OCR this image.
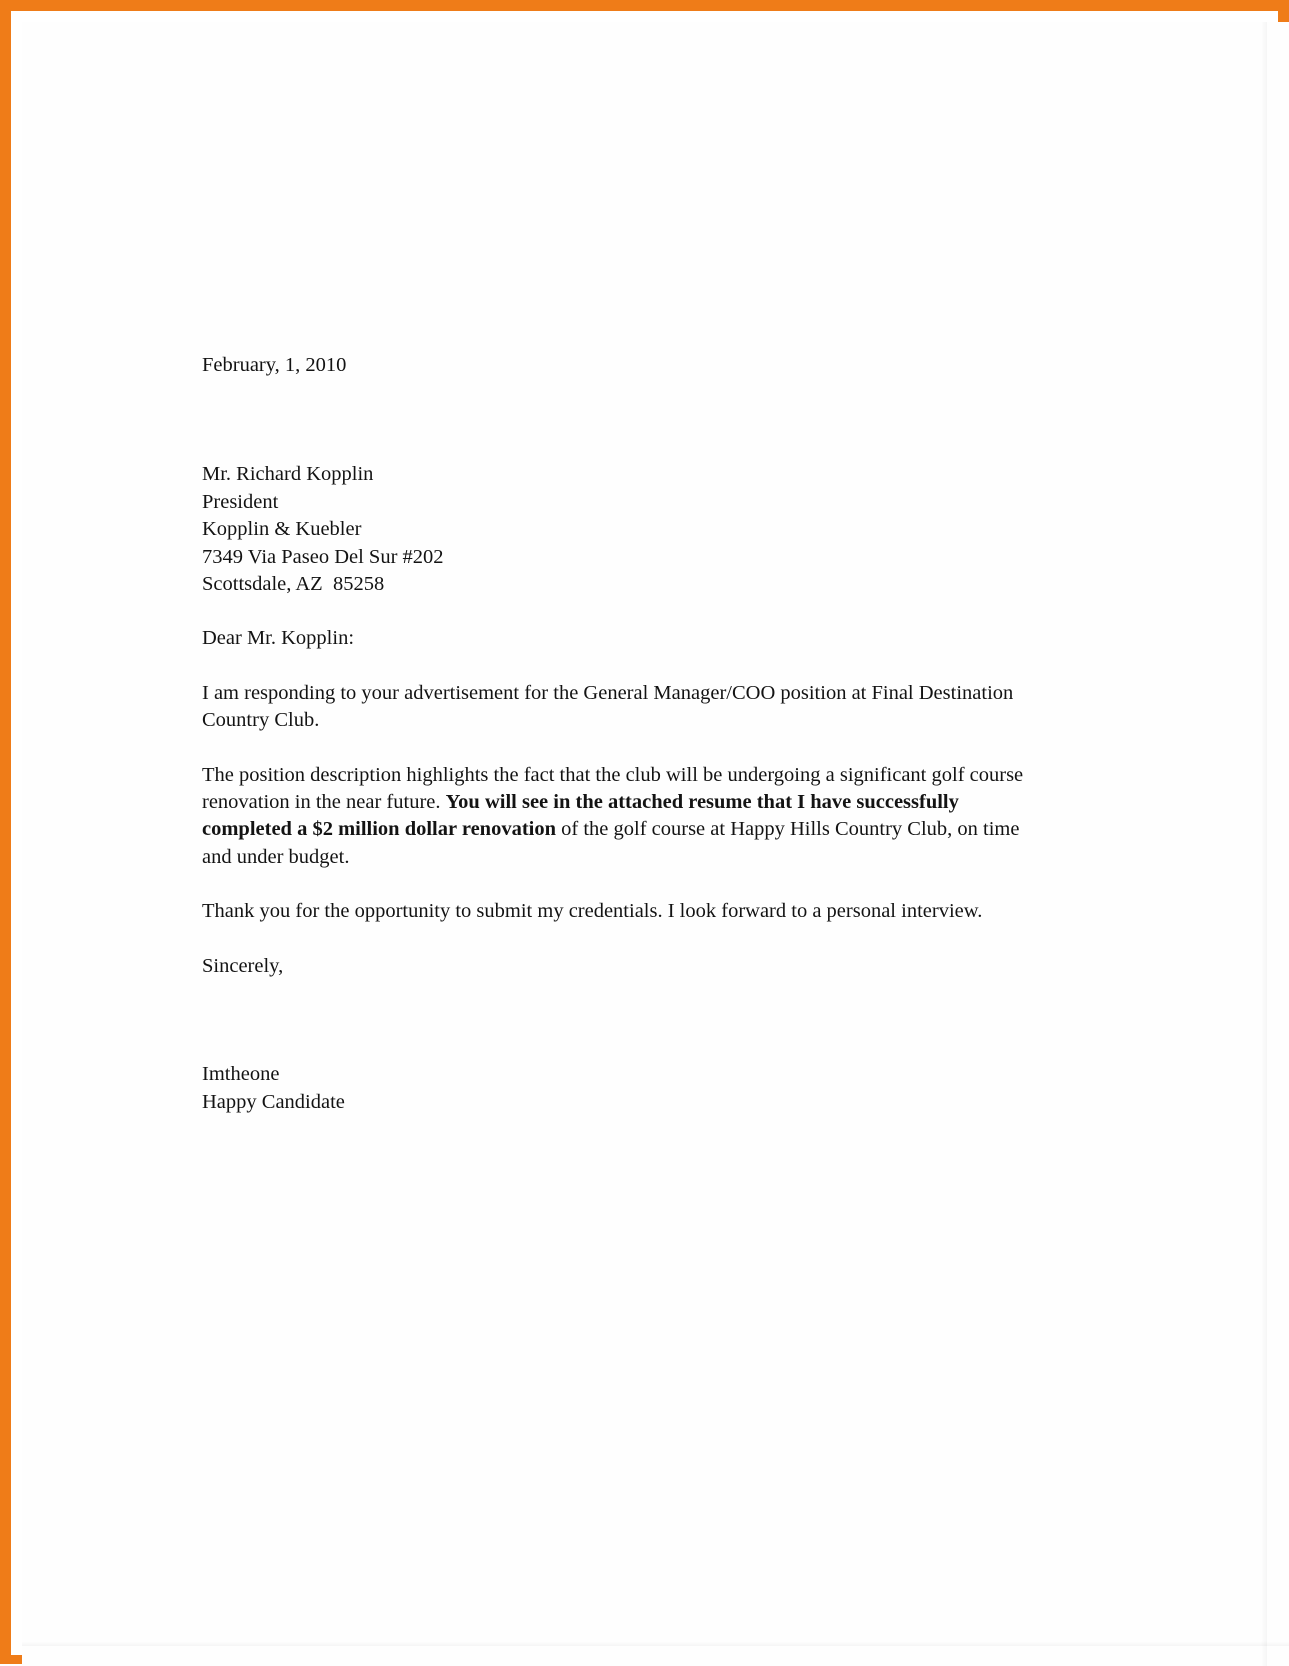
February, 1, 2010

Mr. Richard Kopplin

President

Kopplin & Kuebler

7349 Via Paseo Del Sur #202

Scottsdale, AZ  85258

Dear Mr. Kopplin:

I am responding to your advertisement for the General Manager/COO position at Final Destination Country Club.

The position description highlights the fact that the club will be undergoing a significant golf course renovation in the near future. You will see in the attached resume that I have successfully completed a $2 million dollar renovation of the golf course at Happy Hills Country Club, on time and under budget.

Thank you for the opportunity to submit my credentials. I look forward to a personal interview.

Sincerely,

Imtheone

Happy Candidate
